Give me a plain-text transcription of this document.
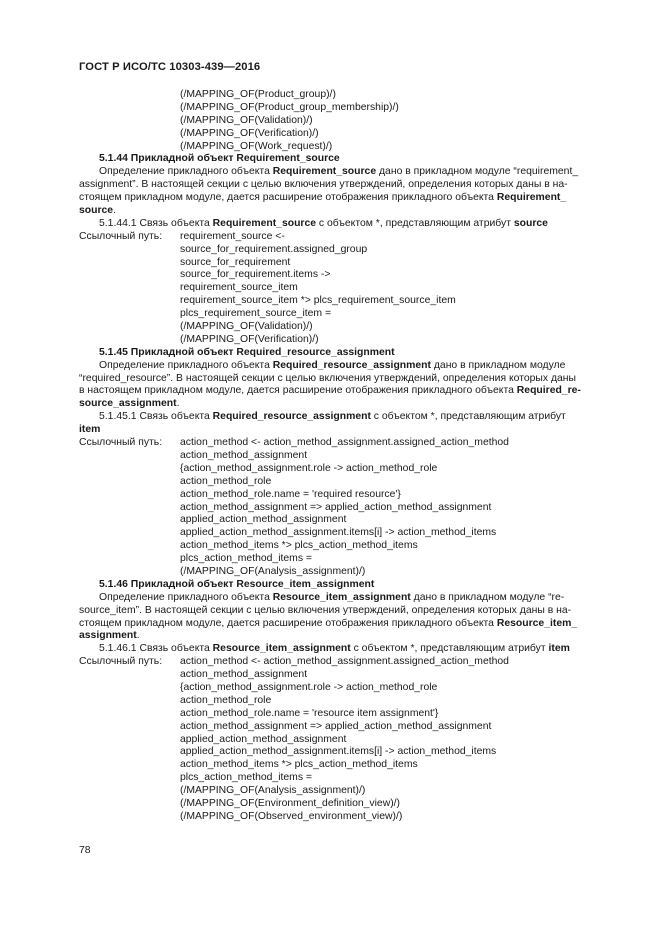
ГОСТ Р ИСО/ТС 10303-439—2016
(/MAPPING_OF(Product_group)/)
(/MAPPING_OF(Product_group_membership)/)
(/MAPPING_OF(Validation)/)
(/MAPPING_OF(Verification)/)
(/MAPPING_OF(Work_request)/)
5.1.44 Прикладной объект Requirement_source
Определение прикладного объекта Requirement_source дано в прикладном модуле “requirement_
assignment”. В настоящей секции с целью включения утверждений, определения которых даны в на-
стоящем прикладном модуле, дается расширение отображения прикладного объекта Requirement_
source.
5.1.44.1 Связь объекта Requirement_source с объектом *, представляющим атрибут source
Ссылочный путь:	requirement_source <-
source_for_requirement.assigned_group
source_for_requirement
source_for_requirement.items ->
requirement_source_item
requirement_source_item *> plcs_requirement_source_item
plcs_requirement_source_item =
(/MAPPING_OF(Validation)/)
(/MAPPING_OF(Verification)/)
5.1.45 Прикладной объект Required_resource_assignment
Определение прикладного объекта Required_resource_assignment дано в прикладном модуле
“required_resource”. В настоящей секции с целью включения утверждений, определения которых даны
в настоящем прикладном модуле, дается расширение отображения прикладного объекта Required_re-
source_assignment.
5.1.45.1 Связь объекта Required_resource_assignment с объектом *, представляющим атрибут
item
Ссылочный путь:	action_method <- action_method_assignment.assigned_action_method
action_method_assignment
{action_method_assignment.role -> action_method_role
action_method_role
action_method_role.name = 'required resource'}
action_method_assignment => applied_action_method_assignment
applied_action_method_assignment
applied_action_method_assignment.items[i] -> action_method_items
action_method_items *> plcs_action_method_items
plcs_action_method_items =
(/MAPPING_OF(Analysis_assignment)/)
5.1.46 Прикладной объект Resource_item_assignment
Определение прикладного объекта Resource_item_assignment дано в прикладном модуле “re-
source_item”. В настоящей секции с целью включения утверждений, определения которых даны в на-
стоящем прикладном модуле, дается расширение отображения прикладного объекта Resource_item_
assignment.
5.1.46.1 Связь объекта Resource_item_assignment с объектом *, представляющим атрибут item
Ссылочный путь:	action_method <- action_method_assignment.assigned_action_method
action_method_assignment
{action_method_assignment.role -> action_method_role
action_method_role
action_method_role.name = 'resource item assignment'}
action_method_assignment => applied_action_method_assignment
applied_action_method_assignment
applied_action_method_assignment.items[i] -> action_method_items
action_method_items *> plcs_action_method_items
plcs_action_method_items =
(/MAPPING_OF(Analysis_assignment)/)
(/MAPPING_OF(Environment_definition_view)/)
(/MAPPING_OF(Observed_environment_view)/)
78
